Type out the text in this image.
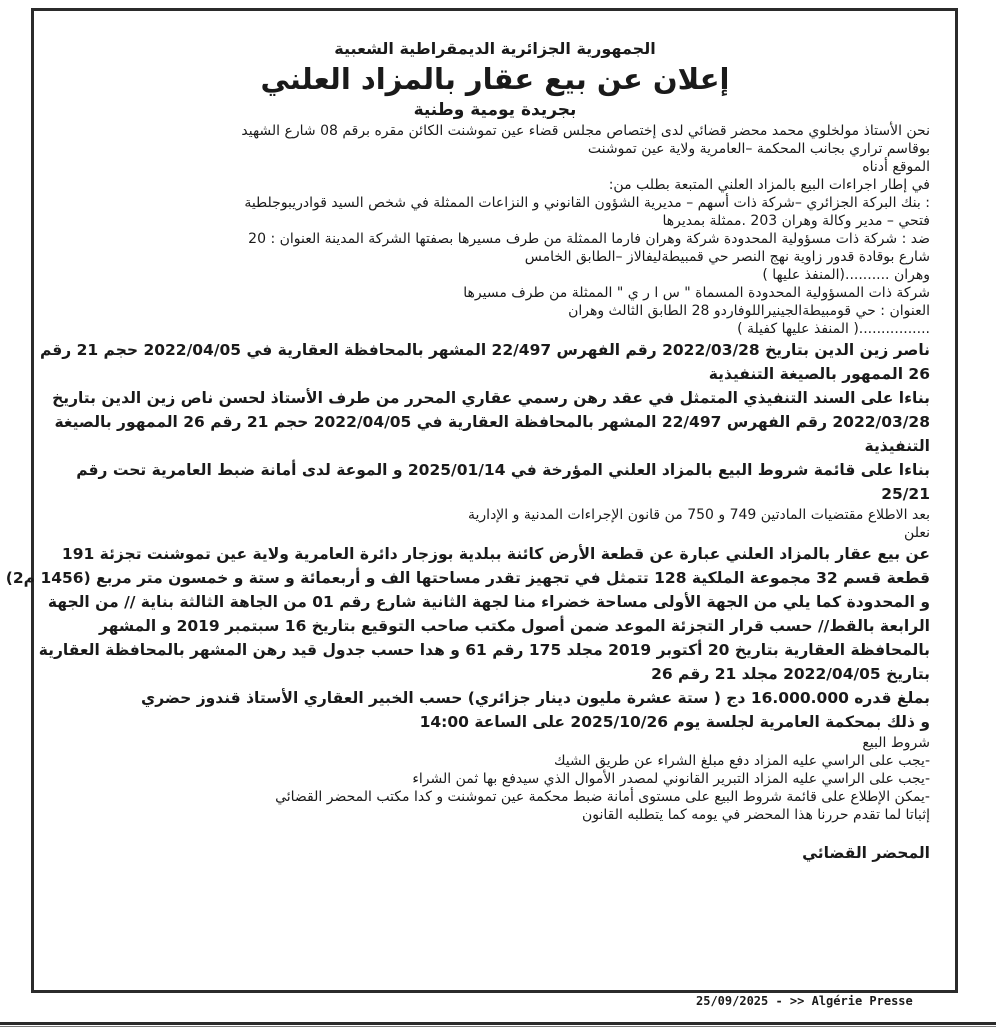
الجمهورية الجزائرية الديمقراطية الشعبية

إعلان عن بيع عقار بالمزاد العلني

بجريدة يومية وطنية

نحن الأستاذ مولخلوي محمد محضر قضائي لدى إختصاص مجلس قضاء عين تموشنت الكائن مقره برقم 08 شارع الشهيد

بوقاسم تراري بجانب المحكمة –العامرية ولاية عين تموشنت

الموقع أدناه

في إطار اجراءات البيع بالمزاد العلني المتبعة بطلب من:

: بنك البركة الجزائري –شركة ذات أسهم – مديرية الشؤون القانوني و النزاعات الممثلة في شخص السيد قوادريبوجلطية

فتحي – مدير وكالة وهران 203 .ممثلة بمديرها

ضد : شركة ذات مسؤولية المحدودة شركة وهران فارما الممثلة من طرف مسيرها بصفتها الشركة المدينة العنوان : 20

شارع بوقادة قدور زاوية نهج النصر حي قمبيطةليفالاز –الطابق الخامس

وهران ..........(المنفذ عليها )

شركة ذات المسؤولية المحدودة المسماة " س ا ر ي " الممثلة من طرف مسيرها

العنوان : حي قومبيطةالجينيراللوفاردو 28 الطابق الثالث وهران

................( المنفذ عليها كفيلة )

ناصر زين الدين بتاريخ 2022/03/28 رقم الفهرس 22/497 المشهر بالمحافظة العقارية في 2022/04/05 حجم 21 رقم

26 الممهور بالصيغة التنفيذية

بناءا على السند التنفيذي المتمثل في عقد رهن رسمي عقاري المحرر من طرف الأستاذ لحسن ناص زين الدين بتاريخ

2022/03/28 رقم الفهرس 22/497 المشهر بالمحافظة العقارية في 2022/04/05 حجم 21 رقم 26 الممهور بالصيغة

التنفيذية

بناءا على قائمة شروط البيع بالمزاد العلني المؤرخة في 2025/01/14 و الموعة لدى أمانة ضبط العامرية تحت رقم

25/21

بعد الاطلاع مقتضيات المادتين 749 و 750 من قانون الإجراءات المدنية و الإدارية

نعلن

عن بيع عقار بالمزاد العلني عبارة عن قطعة الأرض كائنة ببلدية بوزجار دائرة العامرية ولاية عين تموشنت تجزئة 191

قطعة قسم 32 مجموعة الملكية 128 تتمثل في تجهيز تقدر مساحتها الف و أربعمائة و ستة و خمسون متر مربع (1456 م2)

و المحدودة كما يلي من الجهة الأولى مساحة خضراء منا لجهة الثانية شارع رقم 01 من الجاهة الثالثة بناية // من الجهة

الرابعة بالقط// حسب قرار التجزئة الموعد ضمن أصول مكتب صاحب التوقيع بتاريخ 16 سبتمبر 2019 و المشهر

بالمحافظة العقارية بتاريخ 20 أكتوبر 2019 مجلد 175 رقم 61 و هدا حسب جدول قيد رهن المشهر بالمحافظة العقارية

بتاريخ 2022/04/05 مجلد 21 رقم 26

بملغ قدره 16.000.000 دج ( ستة عشرة مليون دينار جزائري) حسب الخبير العقاري الأستاذ قندوز حضري

و ذلك بمحكمة العامرية لجلسة يوم 2025/10/26 على الساعة 14:00

شروط البيع

-يجب على الراسي عليه المزاد دفع مبلغ الشراء عن طريق الشيك

-يجب على الراسي عليه المزاد التبرير القانوني لمصدر الأموال الذي سيدفع بها ثمن الشراء

-يمكن الإطلاع على قائمة شروط البيع على مستوى أمانة ضبط محكمة عين تموشنت و كدا مكتب المحضر القضائي

إثباتا لما تقدم حررنا هذا المحضر في يومه كما يتطلبه القانون

المحضر القضائي

25/09/2025 - >> Algérie Presse
